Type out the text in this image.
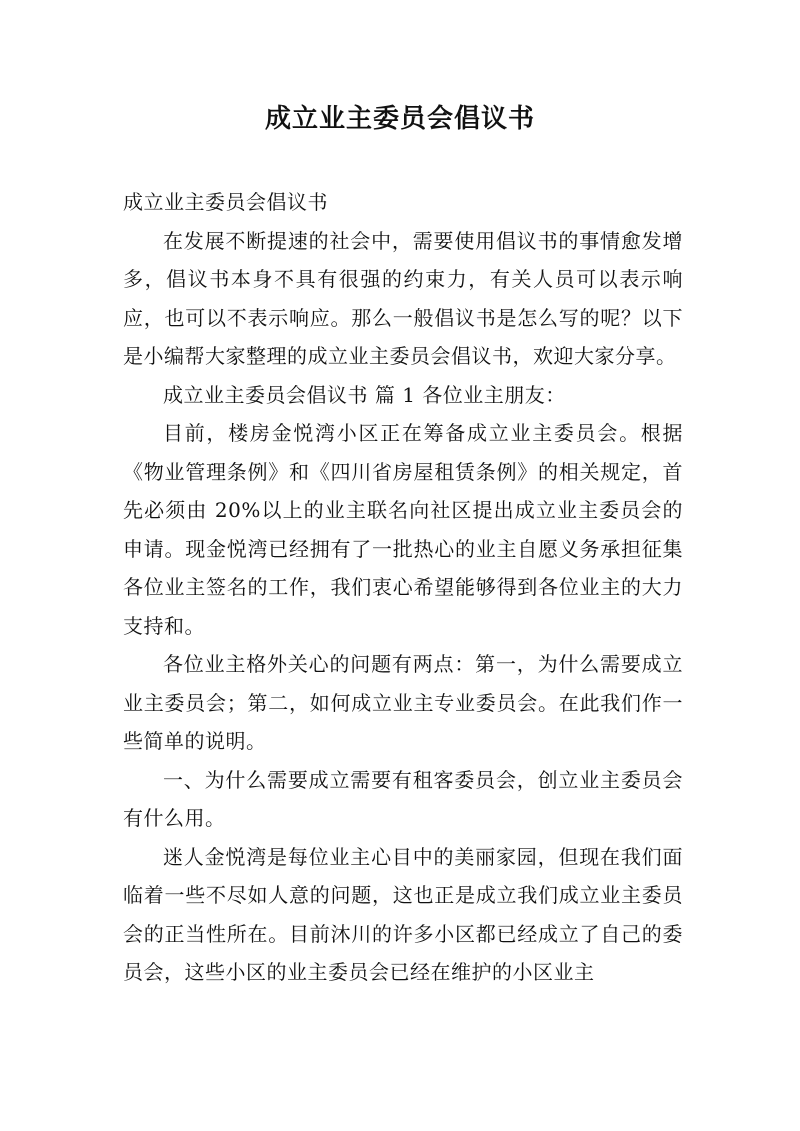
成立业主委员会倡议书

成立业主委员会倡议书

在发展不断提速的社会中，需要使用倡议书的事情愈发增多，倡议书本身不具有很强的约束力，有关人员可以表示响应，也可以不表示响应。那么一般倡议书是怎么写的呢？以下是小编帮大家整理的成立业主委员会倡议书，欢迎大家分享。

成立业主委员会倡议书 篇 1 各位业主朋友：

目前，楼房金悦湾小区正在筹备成立业主委员会。根据《物业管理条例》和《四川省房屋租赁条例》的相关规定，首先必须由 20%以上的业主联名向社区提出成立业主委员会的申请。现金悦湾已经拥有了一批热心的业主自愿义务承担征集各位业主签名的工作，我们衷心希望能够得到各位业主的大力支持和。

各位业主格外关心的问题有两点：第一，为什么需要成立业主委员会；第二，如何成立业主专业委员会。在此我们作一些简单的说明。

一、为什么需要成立需要有租客委员会，创立业主委员会有什么用。

迷人金悦湾是每位业主心目中的美丽家园，但现在我们面临着一些不尽如人意的问题，这也正是成立我们成立业主委员会的正当性所在。目前沐川的许多小区都已经成立了自己的委员会，这些小区的业主委员会已经在维护的小区业主
